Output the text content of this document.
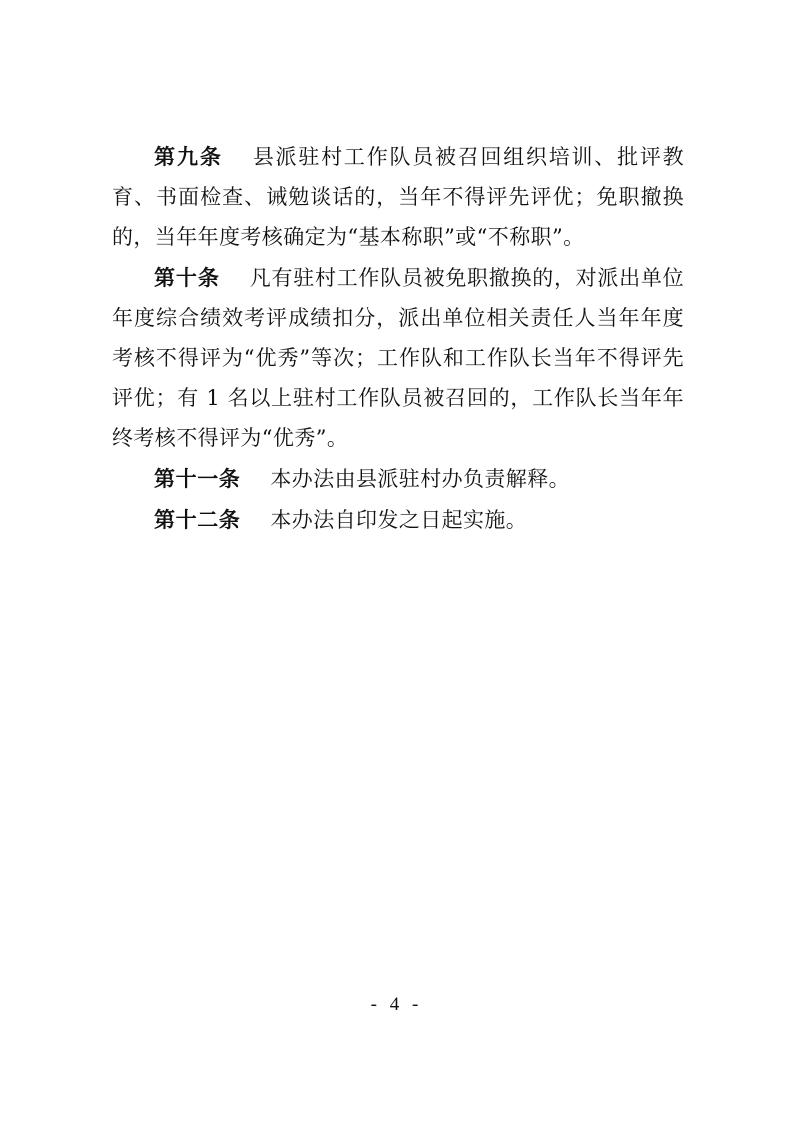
第九条 县派驻村工作队员被召回组织培训、批评教育、书面检查、诫勉谈话的，当年不得评先评优；免职撤换的，当年年度考核确定为“基本称职”或“不称职”。

第十条 凡有驻村工作队员被免职撤换的，对派出单位年度综合绩效考评成绩扣分，派出单位相关责任人当年年度考核不得评为“优秀”等次；工作队和工作队长当年不得评先评优；有 1 名以上驻村工作队员被召回的，工作队长当年年终考核不得评为“优秀”。

第十一条 本办法由县派驻村办负责解释。

第十二条 本办法自印发之日起实施。

- 4 -
